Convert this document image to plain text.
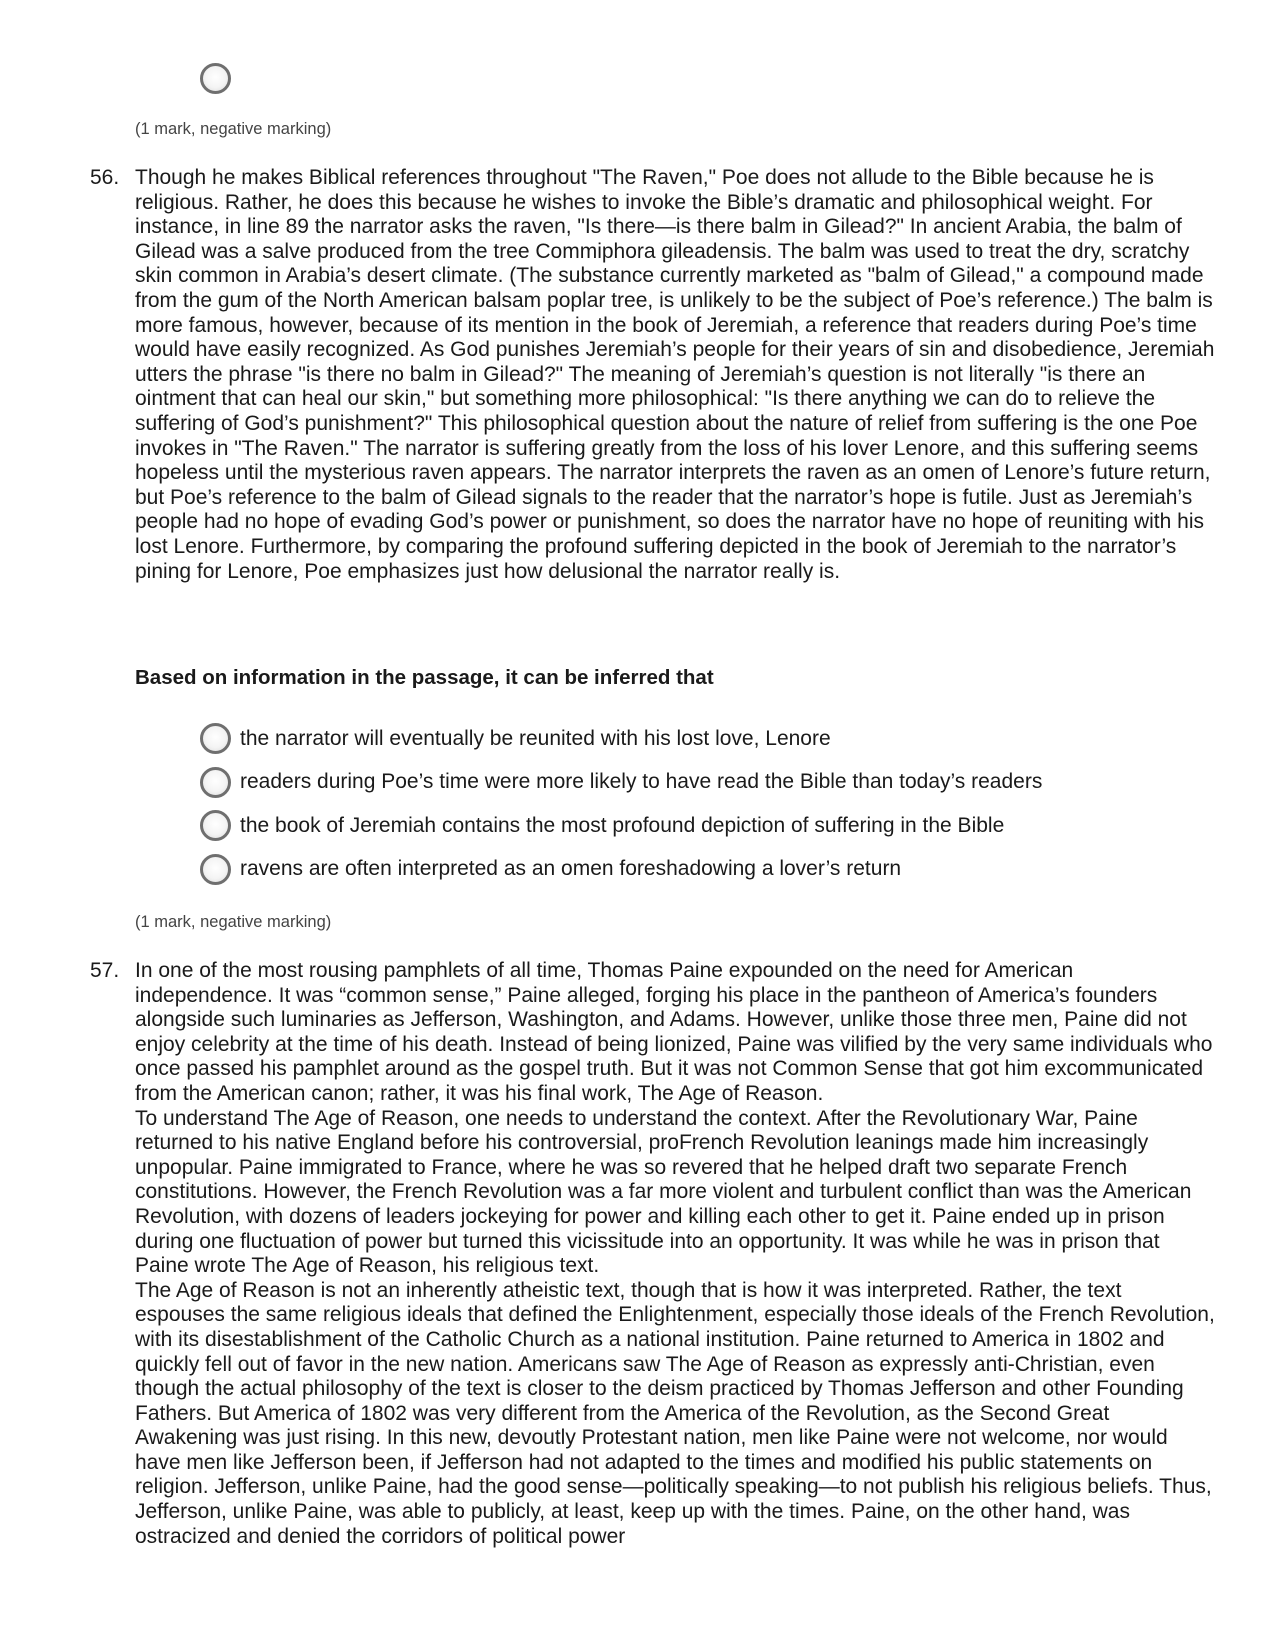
(1 mark, negative marking)
56. Though he makes Biblical references throughout "The Raven," Poe does not allude to the Bible because he is religious. Rather, he does this because he wishes to invoke the Bible’s dramatic and philosophical weight. For instance, in line 89 the narrator asks the raven, "Is there—is there balm in Gilead?" In ancient Arabia, the balm of Gilead was a salve produced from the tree Commiphora gileadensis. The balm was used to treat the dry, scratchy skin common in Arabia’s desert climate. (The substance currently marketed as "balm of Gilead," a compound made from the gum of the North American balsam poplar tree, is unlikely to be the subject of Poe’s reference.) The balm is more famous, however, because of its mention in the book of Jeremiah, a reference that readers during Poe’s time would have easily recognized. As God punishes Jeremiah’s people for their years of sin and disobedience, Jeremiah utters the phrase "is there no balm in Gilead?" The meaning of Jeremiah’s question is not literally "is there an ointment that can heal our skin," but something more philosophical: "Is there anything we can do to relieve the suffering of God’s punishment?" This philosophical question about the nature of relief from suffering is the one Poe invokes in "The Raven." The narrator is suffering greatly from the loss of his lover Lenore, and this suffering seems hopeless until the mysterious raven appears. The narrator interprets the raven as an omen of Lenore’s future return, but Poe’s reference to the balm of Gilead signals to the reader that the narrator’s hope is futile. Just as Jeremiah’s people had no hope of evading God’s power or punishment, so does the narrator have no hope of reuniting with his lost Lenore. Furthermore, by comparing the profound suffering depicted in the book of Jeremiah to the narrator’s pining for Lenore, Poe emphasizes just how delusional the narrator really is.

Based on information in the passage, it can be inferred that
the narrator will eventually be reunited with his lost love, Lenore
readers during Poe’s time were more likely to have read the Bible than today’s readers
the book of Jeremiah contains the most profound depiction of suffering in the Bible
ravens are often interpreted as an omen foreshadowing a lover’s return
(1 mark, negative marking)
57. In one of the most rousing pamphlets of all time, Thomas Paine expounded on the need for American independence. It was “common sense,” Paine alleged, forging his place in the pantheon of America’s founders alongside such luminaries as Jefferson, Washington, and Adams. However, unlike those three men, Paine did not enjoy celebrity at the time of his death. Instead of being lionized, Paine was vilified by the very same individuals who once passed his pamphlet around as the gospel truth. But it was not Common Sense that got him excommunicated from the American canon; rather, it was his final work, The Age of Reason.

To understand The Age of Reason, one needs to understand the context. After the Revolutionary War, Paine returned to his native England before his controversial, proFrench Revolution leanings made him increasingly unpopular. Paine immigrated to France, where he was so revered that he helped draft two separate French constitutions. However, the French Revolution was a far more violent and turbulent conflict than was the American Revolution, with dozens of leaders jockeying for power and killing each other to get it. Paine ended up in prison during one fluctuation of power but turned this vicissitude into an opportunity. It was while he was in prison that Paine wrote The Age of Reason, his religious text.

The Age of Reason is not an inherently atheistic text, though that is how it was interpreted. Rather, the text espouses the same religious ideals that defined the Enlightenment, especially those ideals of the French Revolution, with its disestablishment of the Catholic Church as a national institution. Paine returned to America in 1802 and quickly fell out of favor in the new nation. Americans saw The Age of Reason as expressly anti-Christian, even though the actual philosophy of the text is closer to the deism practiced by Thomas Jefferson and other Founding Fathers. But America of 1802 was very different from the America of the Revolution, as the Second Great Awakening was just rising. In this new, devoutly Protestant nation, men like Paine were not welcome, nor would have men like Jefferson been, if Jefferson had not adapted to the times and modified his public statements on religion. Jefferson, unlike Paine, had the good sense—politically speaking—to not publish his religious beliefs. Thus, Jefferson, unlike Paine, was able to publicly, at least, keep up with the times. Paine, on the other hand, was ostracized and denied the corridors of political power
